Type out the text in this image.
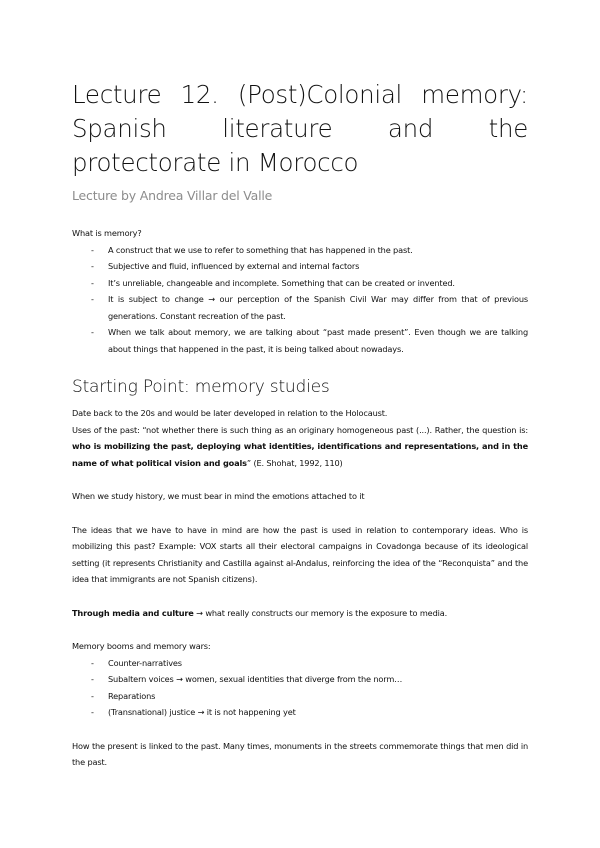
Lecture 12. (Post)Colonial memory: Spanish literature and the protectorate in Morocco

Lecture by Andrea Villar del Valle

What is memory?

- A construct that we use to refer to something that has happened in the past.
- Subjective and fluid, influenced by external and internal factors
- It’s unreliable, changeable and incomplete. Something that can be created or invented.
- It is subject to change → our perception of the Spanish Civil War may differ from that of previous generations. Constant recreation of the past.
- When we talk about memory, we are talking about “past made present”. Even though we are talking about things that happened in the past, it is being talked about nowadays.
Starting Point: memory studies

Date back to the 20s and would be later developed in relation to the Holocaust.
Uses of the past: “not whether there is such thing as an originary homogeneous past (...). Rather, the question is: who is mobilizing the past, deploying what identities, identifications and representations, and in the name of what political vision and goals” (E. Shohat, 1992, 110)

When we study history, we must bear in mind the emotions attached to it

The ideas that we have to have in mind are how the past is used in relation to contemporary ideas. Who is mobilizing this past? Example: VOX starts all their electoral campaigns in Covadonga because of its ideological setting (it represents Christianity and Castilla against al-Andalus, reinforcing the idea of the “Reconquista” and the idea that immigrants are not Spanish citizens).

Through media and culture → what really constructs our memory is the exposure to media.

Memory booms and memory wars:

- Counter-narratives
- Subaltern voices → women, sexual identities that diverge from the norm…
- Reparations
- (Transnational) justice → it is not happening yet

How the present is linked to the past. Many times, monuments in the streets commemorate things that men did in the past.
